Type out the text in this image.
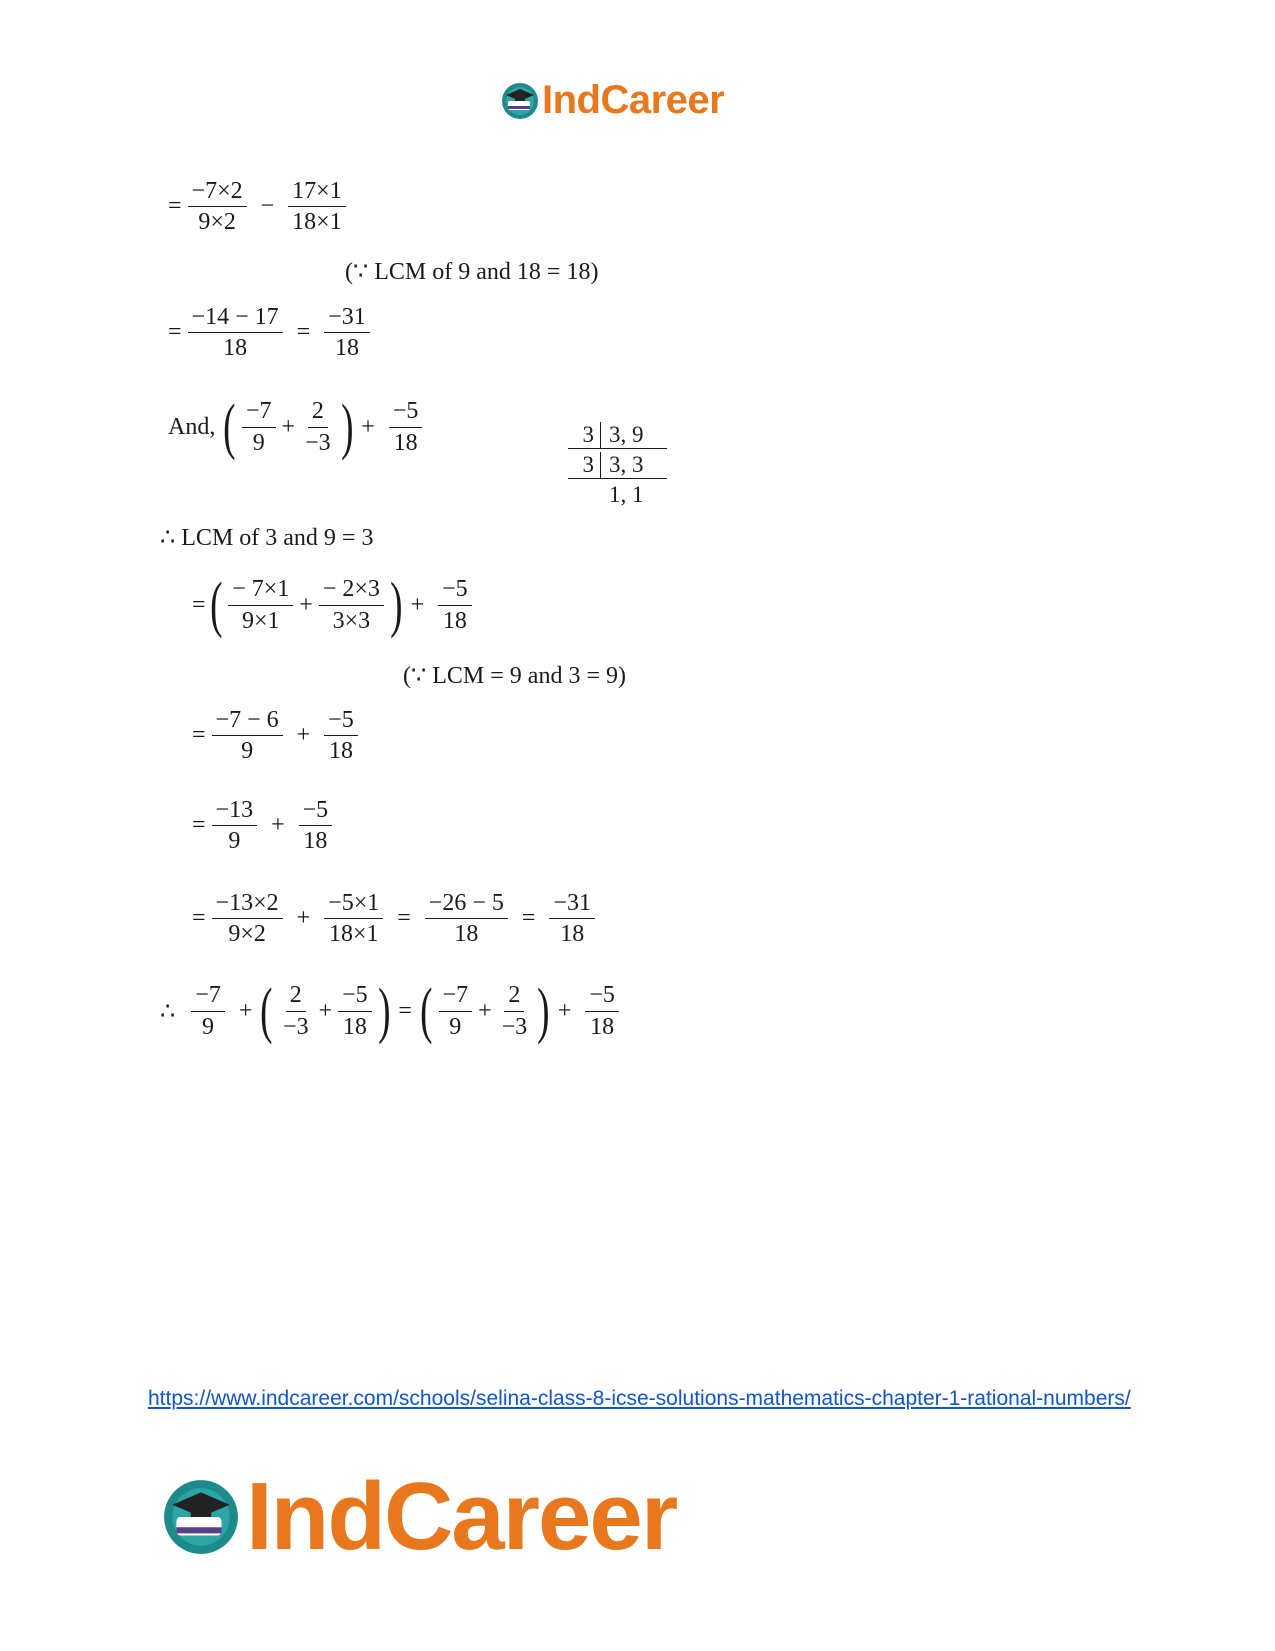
IndCareer
= $\frac{-7\times 2}{9\times 2} - \frac{17\times 1}{18\times 1}$
(∵ LCM of 9 and 18 = 18)
= $\frac{-14 - 17}{18} = \frac{-31}{18}$
And, ( $\frac{-7}{9} + \frac{2}{-3}$ ) + $\frac{-5}{18}$	3 3, 9
3 3, 3
1, 1
∴ LCM of 3 and 9 = 3
= ( $\frac{- 7\times 1}{9\times 1} + \frac{- 2\times 3}{3\times 3}$ ) + $\frac{-5}{18}$
(∵ LCM = 9 and 3 = 9)
= $\frac{-7 - 6}{9} + \frac{-5}{18}$
= $\frac{-13}{9} + \frac{-5}{18}$
= $\frac{-13\times 2}{9\times 2} + \frac{-5\times 1}{18\times 1} = \frac{-26 - 5}{18} = \frac{-31}{18}$
∴ $\frac{-7}{9}$ + ( $\frac{2}{-3} + \frac{-5}{18}$ ) = ( $\frac{-7}{9} + \frac{2}{-3}$ ) + $\frac{-5}{18}$
https://www.indcareer.com/schools/selina-class-8-icse-solutions-mathematics-chapter-1-rational-numbers/
IndCareer
